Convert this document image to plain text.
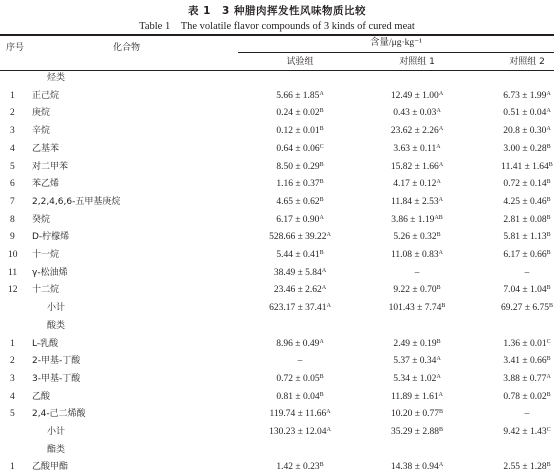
表 1　3 种腊肉挥发性风味物质比较
Table 1　The volatile flavor compounds of 3 kinds of cured meat
序号	化合物	含量/μg·kg⁻¹
试验组	对照组 1	对照组 2
烃类
1 正己烷	$5.66 \pm 1.85^A$	$12.49 \pm 1.00^A$	$6.73 \pm 1.99^A$
2 庚烷	$0.24 \pm 0.02^B$	$0.43 \pm 0.03^A$	$0.51 \pm 0.04^A$
3 辛烷	$0.12 \pm 0.01^B$	$23.62 \pm 2.26^A$	$20.8 \pm 0.30^A$
4 乙基苯	$0.64 \pm 0.06^C$	$3.63 \pm 0.11^A$	$3.00 \pm 0.28^B$
5 对二甲苯	$8.50 \pm 0.29^B$	$15.82 \pm 1.66^A$	$11.41 \pm 1.64^B$
6 苯乙烯	$1.16 \pm 0.37^B$	$4.17 \pm 0.12^A$	$0.72 \pm 0.14^B$
7 2,2,4,6,6-五甲基庚烷	$4.65 \pm 0.62^B$	$11.84 \pm 2.53^A$	$4.25 \pm 0.46^B$
8 癸烷	$6.17 \pm 0.90^A$	$3.86 \pm 1.19^{AB}$	$2.81 \pm 0.08^B$
9 D-柠檬烯	$528.66 \pm 39.22^A$	$5.26 \pm 0.32^B$	$5.81 \pm 1.13^B$
10 十一烷	$5.44 \pm 0.41^B$	$11.08 \pm 0.83^A$	$6.17 \pm 0.66^B$
11 γ-松油烯	$38.49 \pm 5.84^A$	–	–
12 十二烷	$23.46 \pm 2.62^A$	$9.22 \pm 0.70^B$	$7.04 \pm 1.04^B$
小计	$623.17 \pm 37.41^A$	$101.43 \pm 7.74^B$	$69.27 \pm 6.75^B$
酸类
1 L-乳酸	$8.96 \pm 0.49^A$	$2.49 \pm 0.19^B$	$1.36 \pm 0.01^C$
2 2-甲基-丁酸	–	$5.37 \pm 0.34^A$	$3.41 \pm 0.66^B$
3 3-甲基-丁酸	$0.72 \pm 0.05^B$	$5.34 \pm 1.02^A$	$3.88 \pm 0.77^A$
4 乙酸	$0.81 \pm 0.04^B$	$11.89 \pm 1.61^A$	$0.78 \pm 0.02^B$
5 2,4-己二烯酸	$119.74 \pm 11.66^A$	$10.20 \pm 0.77^B$	–
小计	$130.23 \pm 12.04^A$	$35.29 \pm 2.88^B$	$9.42 \pm 1.43^C$
酯类
1 乙酸甲酯	$1.42 \pm 0.23^B$	$14.38 \pm 0.94^A$	$2.55 \pm 1.28^B$
